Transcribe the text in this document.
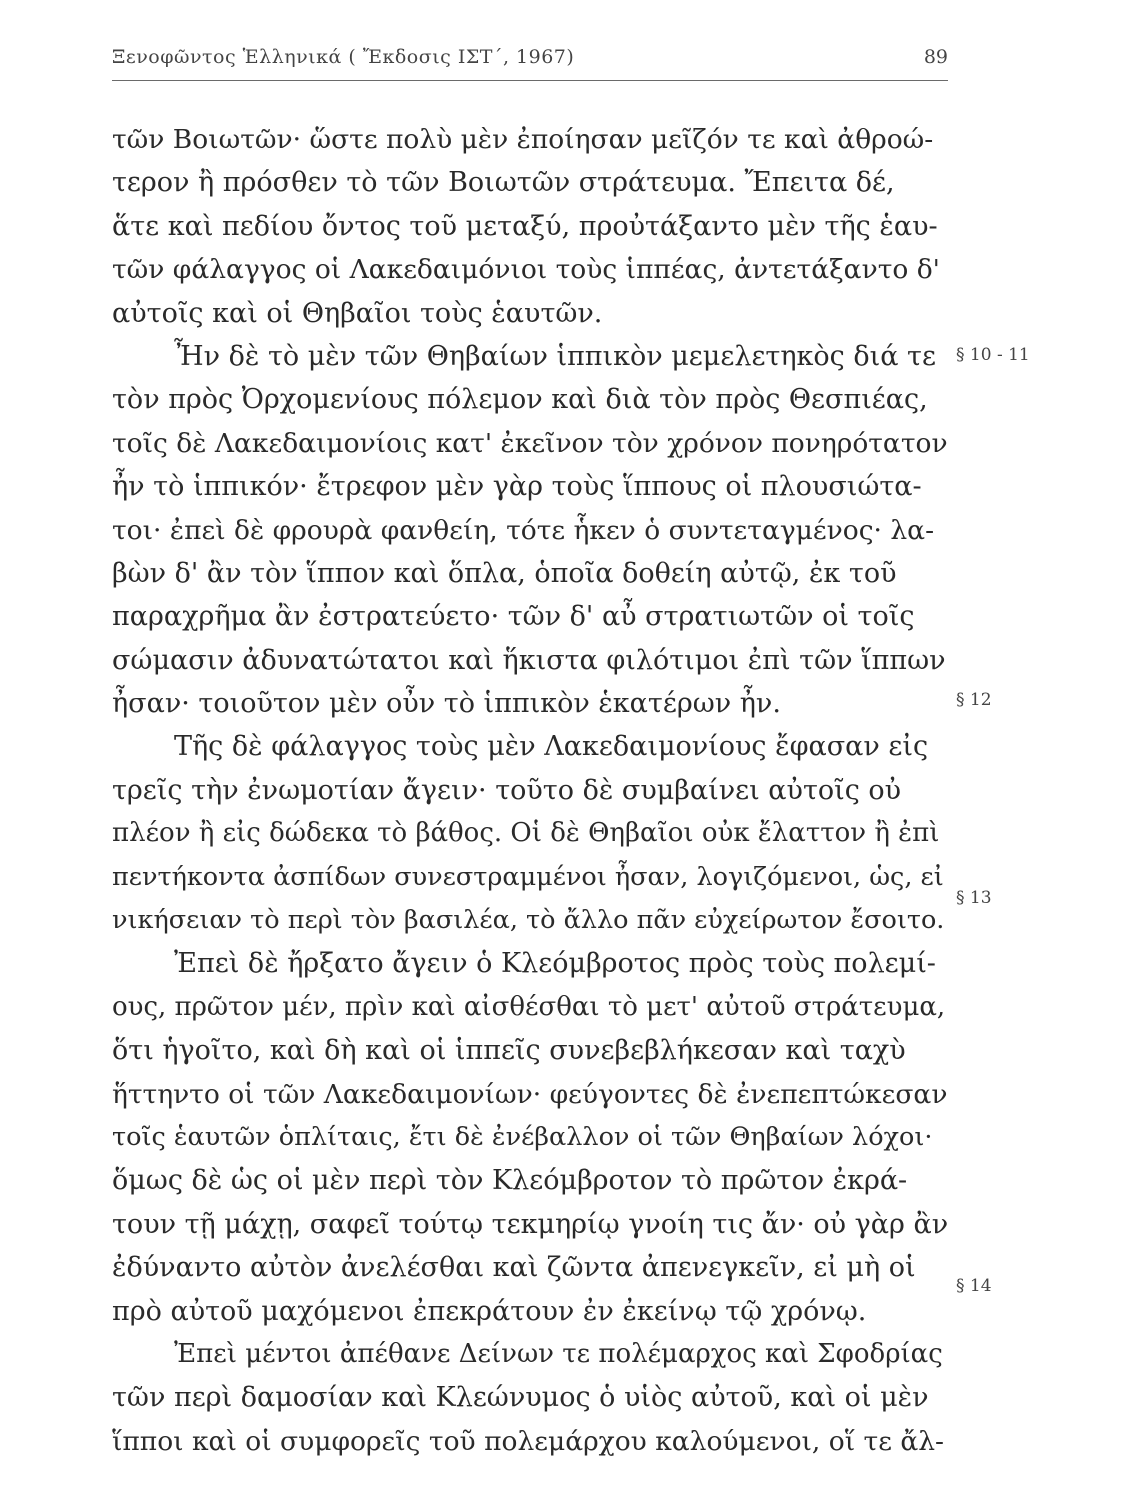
Ξενοφῶντος Ἑλληνικά ( Ἔκδοσις ΙΣΤ΄, 1967)	89
τῶν Βοιωτῶν· ὥστε πολὺ μὲν ἐποίησαν μεῖζόν τε καὶ ἀθροώ-
τερον ἢ πρόσθεν τὸ τῶν Βοιωτῶν στράτευμα. Ἔπειτα δέ,
ἅτε καὶ πεδίου ὄντος τοῦ μεταξύ, προὐτάξαντο μὲν τῆς ἑαυ-
τῶν φάλαγγος οἱ Λακεδαιμόνιοι τοὺς ἱππέας, ἀντετάξαντο δ'
αὐτοῖς καὶ οἱ Θηβαῖοι τοὺς ἑαυτῶν.
Ἦν δὲ τὸ μὲν τῶν Θηβαίων ἱππικὸν μεμελετηκὸς διά τε
τὸν πρὸς Ὀρχομενίους πόλεμον καὶ διὰ τὸν πρὸς Θεσπιέας,
τοῖς δὲ Λακεδαιμονίοις κατ' ἐκεῖνον τὸν χρόνον πονηρότατον
ἦν τὸ ἱππικόν· ἔτρεφον μὲν γὰρ τοὺς ἵππους οἱ πλουσιώτα-
τοι· ἐπεὶ δὲ φρουρὰ φανθείη, τότε ἧκεν ὁ συντεταγμένος· λα-
βὼν δ' ἂν τὸν ἵππον καὶ ὅπλα, ὁποῖα δοθείη αὐτῷ, ἐκ τοῦ
παραχρῆμα ἂν ἐστρατεύετο· τῶν δ' αὖ στρατιωτῶν οἱ τοῖς
σώμασιν ἀδυνατώτατοι καὶ ἥκιστα φιλότιμοι ἐπὶ τῶν ἵππων
ἦσαν· τοιοῦτον μὲν οὖν τὸ ἱππικὸν ἑκατέρων ἦν.
Τῆς δὲ φάλαγγος τοὺς μὲν Λακεδαιμονίους ἔφασαν εἰς
τρεῖς τὴν ἐνωμοτίαν ἄγειν· τοῦτο δὲ συμβαίνει αὐτοῖς οὐ
πλέον ἢ εἰς δώδεκα τὸ βάθος. Οἱ δὲ Θηβαῖοι οὐκ ἔλαττον ἢ ἐπὶ
πεντήκοντα ἀσπίδων συνεστραμμένοι ἦσαν, λογιζόμενοι, ὡς, εἰ
νικήσειαν τὸ περὶ τὸν βασιλέα, τὸ ἄλλο πᾶν εὐχείρωτον ἔσοιτο.
Ἐπεὶ δὲ ἤρξατο ἄγειν ὁ Κλεόμβροτος πρὸς τοὺς πολεμί-
ους, πρῶτον μέν, πρὶν καὶ αἰσθέσθαι τὸ μετ' αὐτοῦ στράτευμα,
ὅτι ἡγοῖτο, καὶ δὴ καὶ οἱ ἱππεῖς συνεβεβλήκεσαν καὶ ταχὺ
ἥττηντο οἱ τῶν Λακεδαιμονίων· φεύγοντες δὲ ἐνεπεπτώκεσαν
τοῖς ἑαυτῶν ὁπλίταις, ἔτι δὲ ἐνέβαλλον οἱ τῶν Θηβαίων λόχοι·
ὅμως δὲ ὡς οἱ μὲν περὶ τὸν Κλεόμβροτον τὸ πρῶτον ἐκρά-
τουν τῇ μάχῃ, σαφεῖ τούτῳ τεκμηρίῳ γνοίη τις ἄν· οὐ γὰρ ἂν
ἐδύναντο αὐτὸν ἀνελέσθαι καὶ ζῶντα ἀπενεγκεῖν, εἰ μὴ οἱ
πρὸ αὐτοῦ μαχόμενοι ἐπεκράτουν ἐν ἐκείνῳ τῷ χρόνῳ.
Ἐπεὶ μέντοι ἀπέθανε Δείνων τε πολέμαρχος καὶ Σφοδρίας
τῶν περὶ δαμοσίαν καὶ Κλεώνυμος ὁ υἱὸς αὐτοῦ, καὶ οἱ μὲν
ἵπποι καὶ οἱ συμφορεῖς τοῦ πολεμάρχου καλούμενοι, οἵ τε ἄλ-
§ 10 - 11
§ 12
§ 13
§ 14
